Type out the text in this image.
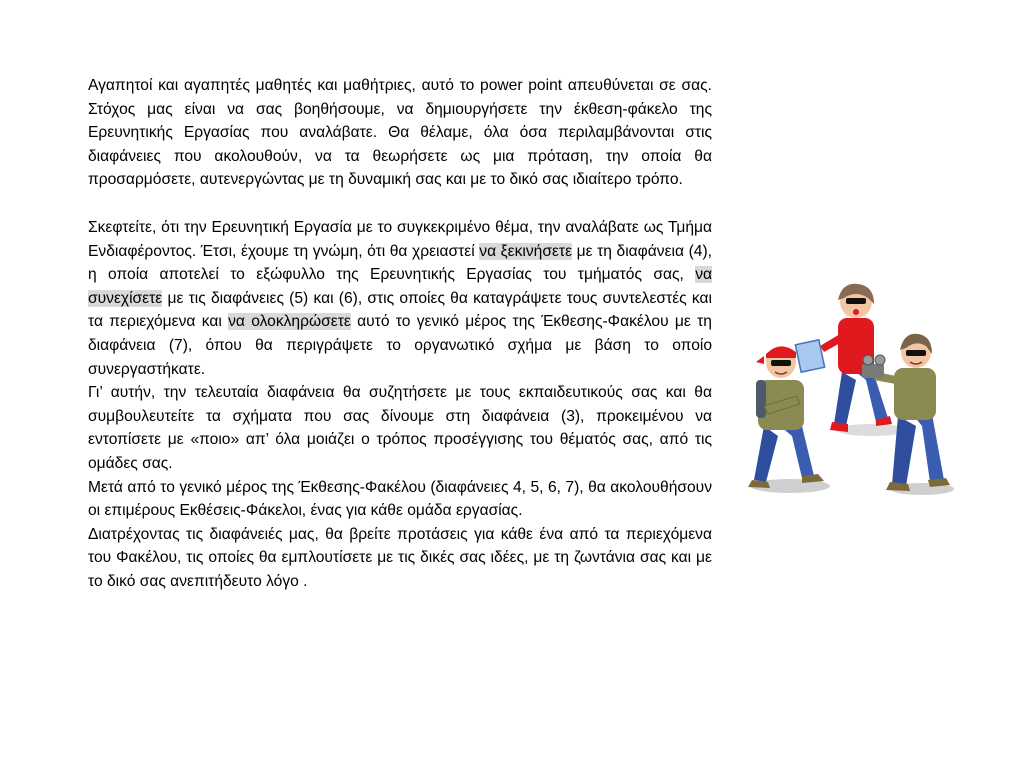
Αγαπητοί και αγαπητές μαθητές και μαθήτριες, αυτό το power point απευθύνεται σε σας. Στόχος μας είναι να σας βοηθήσουμε, να δημιουργήσετε την έκθεση-φάκελο της Ερευνητικής Εργασίας που αναλάβατε. Θα θέλαμε, όλα όσα περιλαμβάνονται στις διαφάνειες που ακολουθούν, να τα θεωρήσετε ως μια πρόταση, την οποία θα προσαρμόσετε, αυτενεργώντας με τη δυναμική σας και με το δικό σας ιδιαίτερο τρόπο.

Σκεφτείτε, ότι την Ερευνητική Εργασία με το συγκεκριμένο θέμα, την αναλάβατε ως Τμήμα Ενδιαφέροντος. Έτσι, έχουμε τη γνώμη, ότι θα χρειαστεί να ξεκινήσετε με τη διαφάνεια (4), η οποία αποτελεί το εξώφυλλο της Ερευνητικής Εργασίας του τμήματός σας, να συνεχίσετε με τις διαφάνειες (5) και (6), στις οποίες θα καταγράψετε τους συντελεστές και τα περιεχόμενα και να ολοκληρώσετε αυτό το γενικό μέρος της Έκθεσης-Φακέλου με τη διαφάνεια (7), όπου θα περιγράψετε το οργανωτικό σχήμα με βάση το οποίο συνεργαστήκατε.

Γι’ αυτήν, την τελευταία διαφάνεια θα συζητήσετε με τους εκπαιδευτικούς σας και θα συμβουλευτείτε τα σχήματα που σας δίνουμε στη διαφάνεια (3), προκειμένου να εντοπίσετε με «ποιο» απ’ όλα μοιάζει ο τρόπος προσέγγισης του θέματός σας, από τις ομάδες σας.

Μετά από το γενικό μέρος της Έκθεσης-Φακέλου (διαφάνειες 4, 5, 6, 7), θα ακολουθήσουν οι επιμέρους Εκθέσεις-Φάκελοι, ένας για κάθε ομάδα εργασίας.

Διατρέχοντας τις διαφάνειές μας, θα βρείτε προτάσεις για κάθε ένα από τα περιεχόμενα του Φακέλου, τις οποίες θα εμπλουτίσετε με τις δικές σας ιδέες, με τη ζωντάνια σας και με το δικό σας ανεπιτήδευτο λόγο .
